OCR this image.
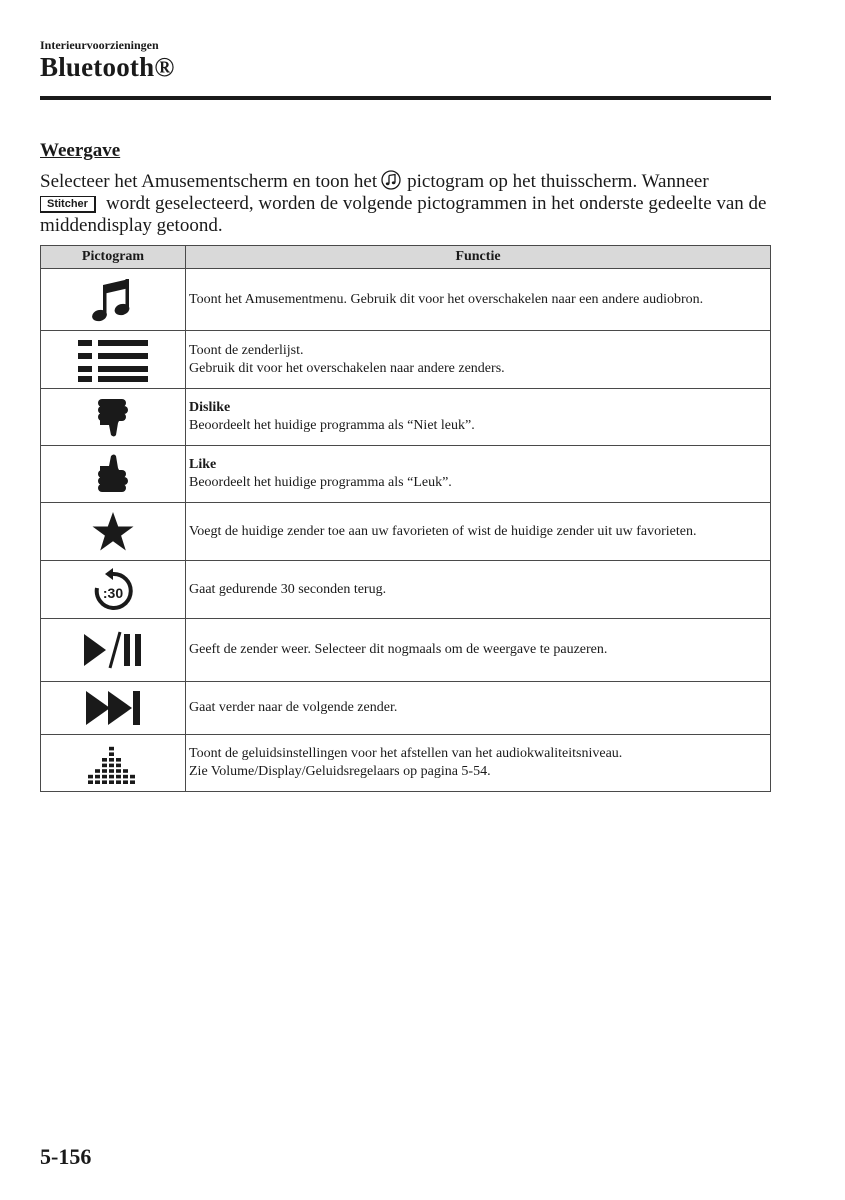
Interieurvoorzieningen
Bluetooth®
Weergave
Selecteer het Amusementscherm en toon het pictogram op het thuisscherm. Wanneer
Stitcher wordt geselecteerd, worden de volgende pictogrammen in het onderste gedeelte van de middendisplay getoond.
Pictogram	Functie

Toont het Amusementmenu. Gebruik dit voor het overschakelen naar een andere audiobron.

Toont de zenderlijst.
Gebruik dit voor het overschakelen naar andere zenders.

Dislike
Beoordeelt het huidige programma als “Niet leuk”.

Like
Beoordeelt het huidige programma als “Leuk”.

Voegt de huidige zender toe aan uw favorieten of wist de huidige zender uit uw favorieten.

:30	Gaat gedurende 30 seconden terug.

Geeft de zender weer. Selecteer dit nogmaals om de weergave te pauzeren.

Gaat verder naar de volgende zender.

Toont de geluidsinstellingen voor het afstellen van het audiokwaliteitsniveau.
Zie Volume/Display/Geluidsregelaars op pagina 5-54.
5-156
